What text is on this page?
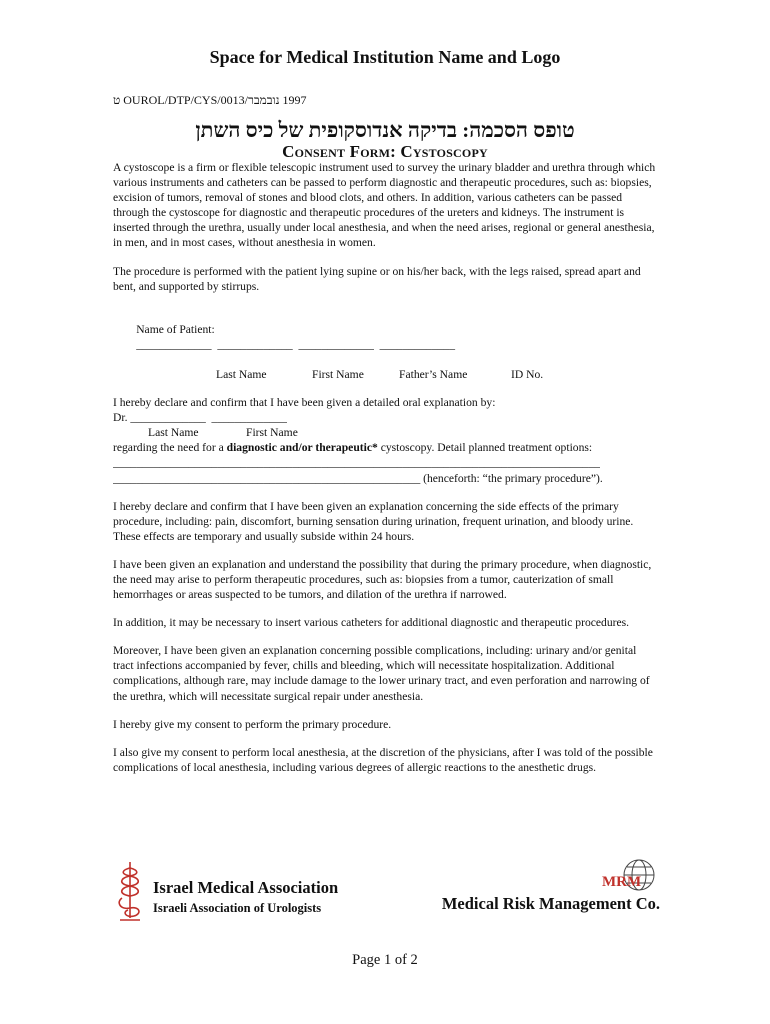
Space for Medical Institution Name and Logo
1997 נובמבר/OUROL/DTP/CYS/0013 ט
טופס הסכמה: בדיקה אנדוסקופית של כיס השתן
Consent Form: Cystoscopy

A cystoscope is a firm or flexible telescopic instrument used to survey the urinary bladder and urethra through which various instruments and catheters can be passed to perform diagnostic and therapeutic procedures, such as: biopsies, excision of tumors, removal of stones and blood clots, and others. In addition, various catheters can be passed through the cystoscope for diagnostic and therapeutic procedures of the ureters and kidneys. The instrument is inserted through the urethra, usually under local anesthesia, and when the need arises, regional or general anesthesia, in men, and in most cases, without anesthesia in women.

The procedure is performed with the patient lying supine or on his/her back, with the legs raised, spread apart and bent, and supported by stirrups.

Name of Patient:
_____________  _____________  _____________  _____________

Last Name	First Name	Father’s Name	ID No.
I hereby declare and confirm that I have been given a detailed oral explanation by:
Dr. _____________  _____________
Last Name	First Name
regarding the need for a diagnostic and/or therapeutic* cystoscopy. Detail planned treatment options:
____________________________________________________________________________________
_____________________________________________________ (henceforth: “the primary procedure”).

I hereby declare and confirm that I have been given an explanation concerning the side effects of the primary procedure, including: pain, discomfort, burning sensation during urination, frequent urination, and bloody urine. These effects are temporary and usually subside within 24 hours.

I have been given an explanation and understand the possibility that during the primary procedure, when diagnostic, the need may arise to perform therapeutic procedures, such as: biopsies from a tumor, cauterization of small hemorrhages or areas suspected to be tumors, and dilation of the urethra if narrowed.

In addition, it may be necessary to insert various catheters for additional diagnostic and therapeutic procedures.

Moreover, I have been given an explanation concerning possible complications, including: urinary and/or genital tract infections accompanied by fever, chills and bleeding, which will necessitate hospitalization. Additional complications, although rare, may include damage to the lower urinary tract, and even perforation and narrowing of the urethra, which will necessitate surgical repair under anesthesia.

I hereby give my consent to perform the primary procedure.

I also give my consent to perform local anesthesia, at the discretion of the physicians, after I was told of the possible complications of local anesthesia, including various degrees of allergic reactions to the anesthetic drugs.

Israel Medical Association
Israeli Association of Urologists
MRM
Medical Risk Management Co.
Page 1 of 2
